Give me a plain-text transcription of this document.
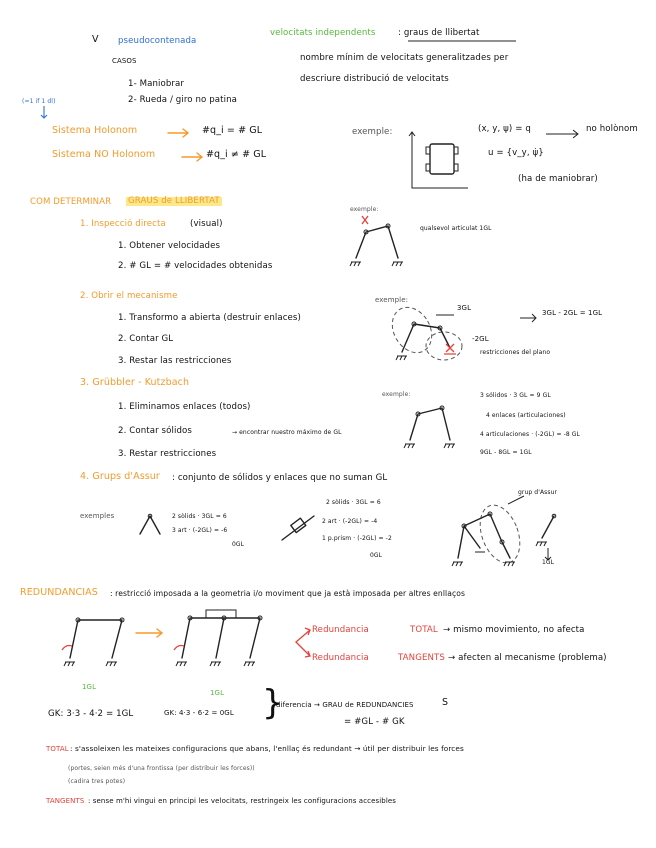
V pseudocontenada
CASOS
1- Maniobrar
2- Rueda / giro no patina
(=1 if 1 dl)
velocitats independents	: graus de llibertat
nombre mínim de velocitats generalitzades per
descriure distribució de velocitats
Sistema Holonom	#q_i = # GL
Sistema NO Holonom	#q_i ≠ # GL
exemple:	(x, y, ψ) = q	no holònom
u = {v_y, ψ̇}
(ha de maniobrar)
COM DETERMINAR GRAUS de LLIBERTAT
1. Inspecció directa	(visual)
1. Obtener velocidades
2. # GL = # velocidades obtenidas
exemple:
qualsevol articulat 1GL
2. Obrir el mecanisme
1. Transformo a abierta (destruir enlaces)
2. Contar GL
3. Restar las restricciones
exemple:
3GL
-2GL
restricciones del plano
3GL - 2GL = 1GL
3. Grübbler - Kutzbach
1. Eliminamos enlaces (todos)
2. Contar sólidos	→ encontrar nuestro máximo de GL
3. Restar restricciones
exemple:	3 sólidos · 3 GL = 9 GL
4 enlaces (articulaciones)
4 articulaciones · (-2GL) = -8 GL
9GL - 8GL = 1GL
4. Grups d'Assur : conjunto de sólidos y enlaces que no suman GL
exemples	2 sòlids · 3GL = 6
3 art · (-2GL) = -6
0GL
2 sòlids · 3GL = 6
2 art · (-2GL) = -4
1 p.prism · (-2GL) = -2
0GL
grup d'Assur
1GL
REDUNDANCIAS : restricció imposada a la geometria i/o moviment que ja està imposada per altres enllaços
Redundancia	TOTAL → mismo movimiento, no afecta
Redundancia	TANGENTS → afecten al mecanisme (problema)
1GL
GK: 3·3 - 4·2 = 1GL
1GL
GK: 4·3 - 6·2 = 0GL }
diferencia → GRAU de REDUNDANCIES	S
= #GL - # GK
TOTAL : s'assoleixen les mateixes configuracions que abans, l'enllaç és redundant → útil per distribuir les forces
(portes, seien més d'una frontissa (per distribuir les forces))
(cadira tres potes)
TANGENTS : sense m'hi vingui en principi les velocitats, restringeix les configuracions accesibles
